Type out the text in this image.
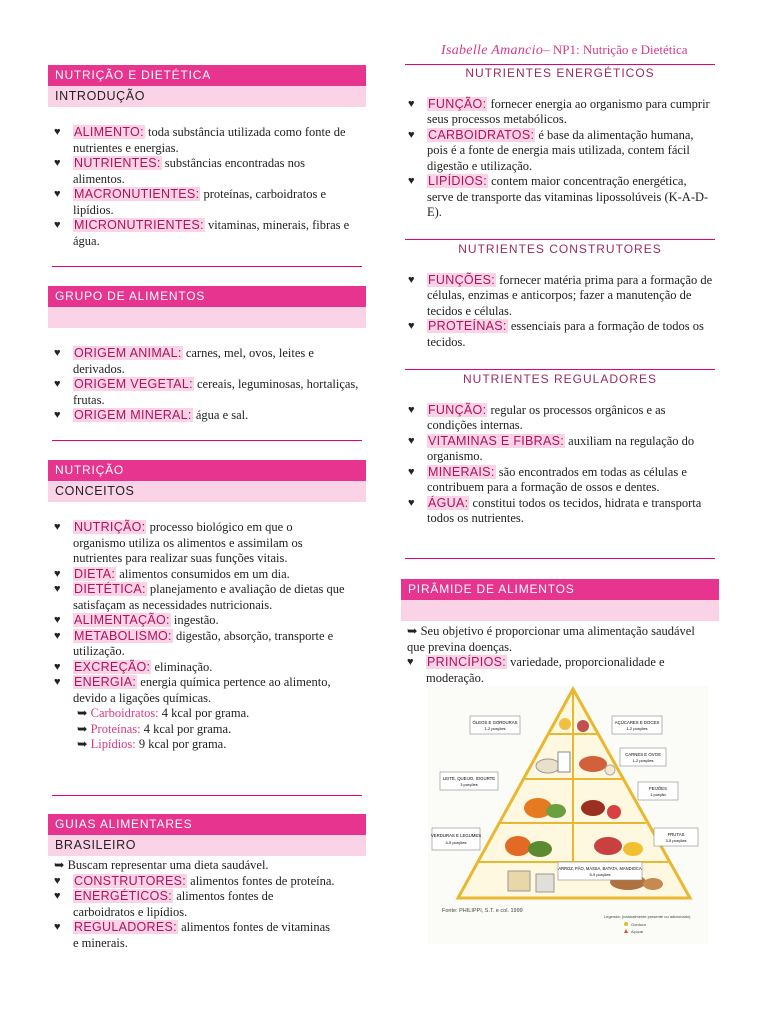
Isabelle Amancio– NP1: Nutrição e Dietética
NUTRIÇÃO E DIETÉTICA
INTRODUÇÃO
♥ ALIMENTO: toda substância utilizada como fonte de nutrientes e energias.
♥ NUTRIENTES: substâncias encontradas nos alimentos.
♥ MACRONUTIENTES: proteínas, carboidratos e lipídios.
♥ MICRONUTRIENTES: vitaminas, minerais, fibras e água.
GRUPO DE ALIMENTOS
♥ ORIGEM ANIMAL: carnes, mel, ovos, leites e derivados.
♥ ORIGEM VEGETAL: cereais, leguminosas, hortaliças, frutas.
♥ ORIGEM MINERAL: água e sal.
NUTRIÇÃO
CONCEITOS
♥ NUTRIÇÃO: processo biológico em que o organismo utiliza os alimentos e assimilam os nutrientes para realizar suas funções vitais.
♥ DIETA: alimentos consumidos em um dia.
♥ DIETÉTICA: planejamento e avaliação de dietas que satisfaçam as necessidades nutricionais.
♥ ALIMENTAÇÃO: ingestão.
♥ METABOLISMO: digestão, absorção, transporte e utilização.
♥ EXCREÇÃO: eliminação.
♥ ENERGIA: energia química pertence ao alimento, devido a ligações químicas.
➥ Carboidratos: 4 kcal por grama.
➥ Proteínas: 4 kcal por grama.
➥ Lipídios: 9 kcal por grama.
GUIAS ALIMENTARES
BRASILEIRO
➥ Buscam representar uma dieta saudável.
♥ CONSTRUTORES: alimentos fontes de proteína.
♥ ENERGÉTICOS: alimentos fontes de carboidratos e lipídios.
♥ REGULADORES: alimentos fontes de vitaminas e minerais.
NUTRIENTES ENERGÉTICOS
♥ FUNÇÃO: fornecer energia ao organismo para cumprir seus processos metabólicos.
♥ CARBOIDRATOS: é base da alimentação humana, pois é a fonte de energia mais utilizada, contem fácil digestão e utilização.
♥ LIPÍDIOS: contem maior concentração energética, serve de transporte das vitaminas lipossolúveis (K-A-D-E).
NUTRIENTES CONSTRUTORES
♥ FUNÇÕES: fornecer matéria prima para a formação de células, enzimas e anticorpos; fazer a manutenção de tecidos e células.
♥ PROTEÍNAS: essenciais para a formação de todos os tecidos.
NUTRIENTES REGULADORES
♥ FUNÇÃO: regular os processos orgânicos e as condições internas.
♥ VITAMINAS E FIBRAS: auxiliam na regulação do organismo.
♥ MINERAIS: são encontrados em todas as células e contribuem para a formação de ossos e dentes.
♥ ÁGUA: constitui todos os tecidos, hidrata e transporta todos os nutrientes.
PIRÂMIDE DE ALIMENTOS
➥ Seu objetivo é proporcionar uma alimentação saudável que previna doenças.
♥ PRINCÍPIOS: variedade, proporcionalidade e moderação.
ÓLEOS E GORDURAS
1-2 porções
AÇÚCARES E DOCES
1-2 porções
CARNES E OVOS
1-2 porções
LEITE, QUEIJO, IOGURTE
3 porções
FEIJÕES
1 porção
VERDURAS E LEGUMES
4-5 porções
FRUTAS
3-5 porções
ARROZ, PÃO, MASSA, BATATA, MANDIOCA
5-9 porções
Fonte: PHILIPPI, S.T. e col. 1999
Legenda: (naturalmente presente ou adicionado)
Gordura
Açúcar
